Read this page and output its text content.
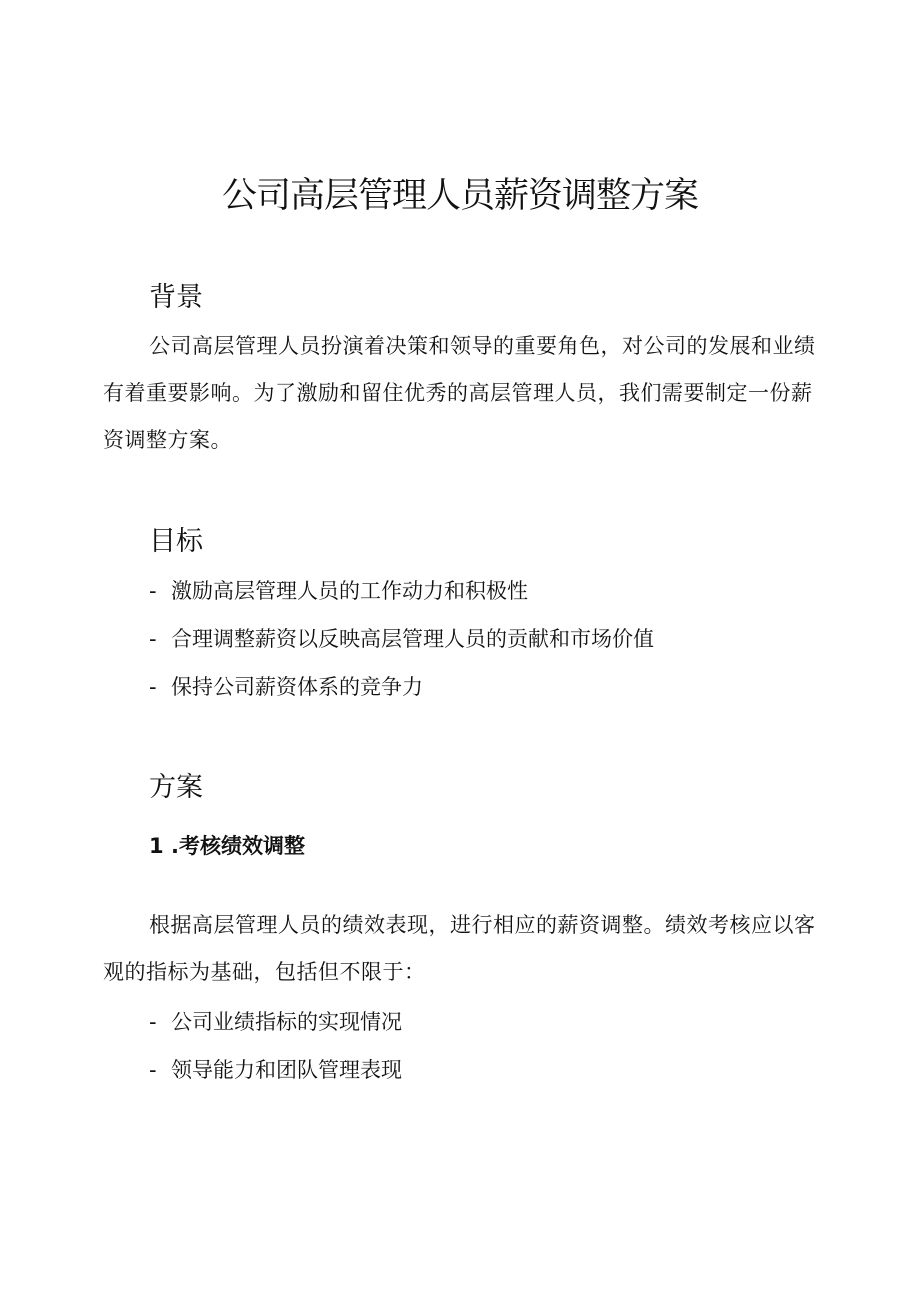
公司高层管理人员薪资调整方案
背景

公司高层管理人员扮演着决策和领导的重要角色，对公司的发展和业绩有着重要影响。为了激励和留住优秀的高层管理人员，我们需要制定一份薪资调整方案。

目标
- 激励高层管理人员的工作动力和积极性
- 合理调整薪资以反映高层管理人员的贡献和市场价值
- 保持公司薪资体系的竞争力
方案
1 .考核绩效调整

根据高层管理人员的绩效表现，进行相应的薪资调整。绩效考核应以客观的指标为基础，包括但不限于：

- 公司业绩指标的实现情况
- 领导能力和团队管理表现
